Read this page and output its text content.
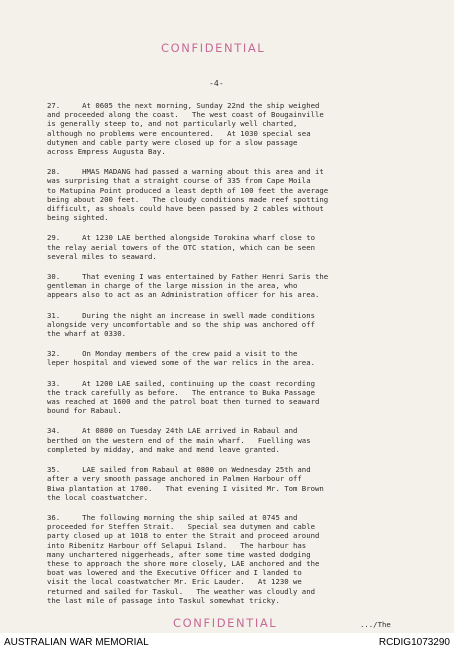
CONFIDENTIAL
-4-

27.     At 0605 the next morning, Sunday 22nd the ship weighed
and proceeded along the coast.   The west coast of Bougainville
is generally steep to, and not particularly well charted,
although no problems were encountered.   At 1030 special sea
dutymen and cable party were closed up for a slow passage
across Empress Augusta Bay.

28.     HMAS MADANG had passed a warning about this area and it
was surprising that a straight course of 335 from Cape Moila
to Matupina Point produced a least depth of 100 feet the average
being about 200 feet.   The cloudy conditions made reef spotting
difficult, as shoals could have been passed by 2 cables without
being sighted.

29.     At 1230 LAE berthed alongside Torokina wharf close to
the relay aerial towers of the OTC station, which can be seen
several miles to seaward.

30.     That evening I was entertained by Father Henri Saris the
gentleman in charge of the large mission in the area, who
appears also to act as an Administration officer for his area.

31.     During the night an increase in swell made conditions
alongside very uncomfortable and so the ship was anchored off
the wharf at 0330.

32.     On Monday members of the crew paid a visit to the
leper hospital and viewed some of the war relics in the area.

33.     At 1200 LAE sailed, continuing up the coast recording
the track carefully as before.   The entrance to Buka Passage
was reached at 1600 and the patrol boat then turned to seaward
bound for Rabaul.

34.     At 0800 on Tuesday 24th LAE arrived in Rabaul and
berthed on the western end of the main wharf.   Fuelling was
completed by midday, and make and mend leave granted.

35.     LAE sailed from Rabaul at 0800 on Wednesday 25th and
after a very smooth passage anchored in Palmen Harbour off
Biwa plantation at 1700.   That evening I visited Mr. Tom Brown
the local coastwatcher.

36.     The following morning the ship sailed at 0745 and
proceeded for Steffen Strait.   Special sea dutymen and cable
party closed up at 1018 to enter the Strait and proceed around
into Ribenitz Harbour off Selapui Island.   The harbour has
many unchartered niggerheads, after some time wasted dodging
these to approach the shore more closely, LAE anchored and the
boat was lowered and the Executive Officer and I landed to
visit the local coastwatcher Mr. Eric Lauder.   At 1230 we
returned and sailed for Taskul.   The weather was cloudly and
the last mile of passage into Taskul somewhat tricky.

CONFIDENTIAL	.../The
AUSTRALIAN WAR MEMORIAL	RCDIG1073290
